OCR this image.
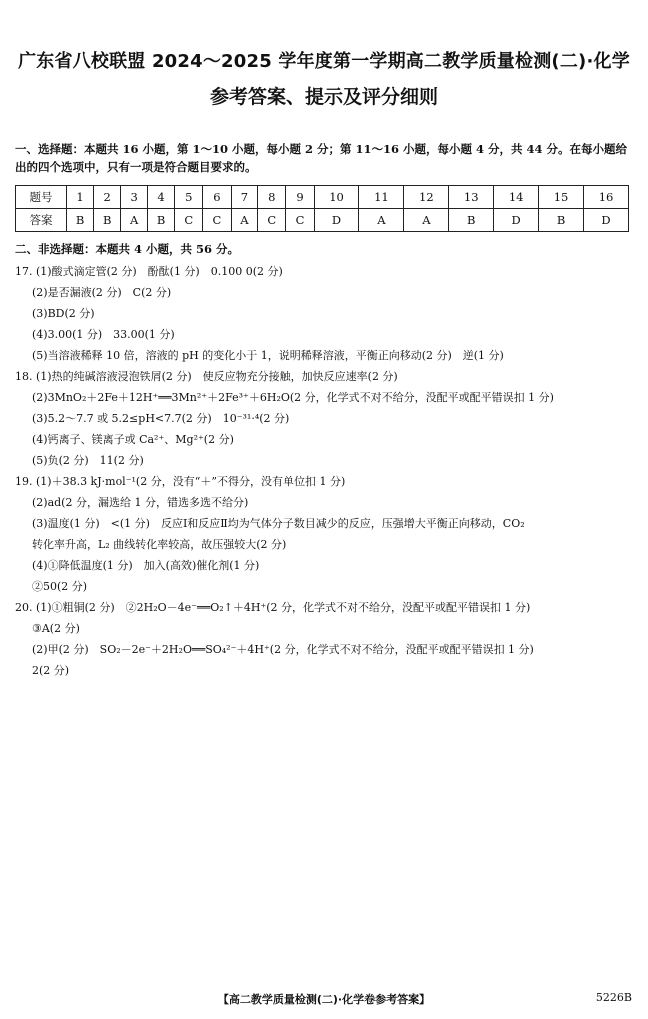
广东省八校联盟 2024～2025 学年度第一学期高二教学质量检测(二)·化学
参考答案、提示及评分细则
一、选择题：本题共 16 小题，第 1～10 小题，每小题 2 分；第 11～16 小题，每小题 4 分，共 44 分。在每小题给出的四个选项中，只有一项是符合题目要求的。
题号	1	2	3	4	5	6	7	8	9	10	11	12	13	14	15	16
答案	B	B	A	B	C	C	A	C	C	D	A	A	B	D	B	D
二、非选择题：本题共 4 小题，共 56 分。
17. (1)酸式滴定管(2 分)　酚酞(1 分)　0.100 0(2 分)
(2)是否漏液(2 分)　C(2 分)
(3)BD(2 分)
(4)3.00(1 分)　33.00(1 分)
(5)当溶液稀释 10 倍，溶液的 pH 的变化小于 1，说明稀释溶液，平衡正向移动(2 分)　逆(1 分)
18. (1)热的纯碱溶液浸泡铁屑(2 分)　使反应物充分接触，加快反应速率(2 分)
(2)3MnO₂＋2Fe＋12H⁺══3Mn²⁺＋2Fe³⁺＋6H₂O(2 分，化学式不对不给分，没配平或配平错误扣 1 分)
(3)5.2～7.7 或 5.2≤pH<7.7(2 分)　10⁻³¹·⁴(2 分)
(4)钙离子、镁离子或 Ca²⁺、Mg²⁺(2 分)
(5)负(2 分)　11(2 分)
19. (1)＋38.3 kJ·mol⁻¹(2 分，没有“＋”不得分，没有单位扣 1 分)
(2)ad(2 分，漏选给 1 分，错选多选不给分)
(3)温度(1 分)　<(1 分)　反应Ⅰ和反应Ⅱ均为气体分子数目减少的反应，压强增大平衡正向移动，CO₂
转化率升高，L₂ 曲线转化率较高，故压强较大(2 分)
(4)①降低温度(1 分)　加入(高效)催化剂(1 分)
②50(2 分)
20. (1)①粗铜(2 分)　②2H₂O－4e⁻══O₂↑＋4H⁺(2 分，化学式不对不给分，没配平或配平错误扣 1 分)
③A(2 分)
(2)甲(2 分)　SO₂－2e⁻＋2H₂O══SO₄²⁻＋4H⁺(2 分，化学式不对不给分，没配平或配平错误扣 1 分)
2(2 分)
【高二教学质量检测(二)·化学卷参考答案】	5226B
